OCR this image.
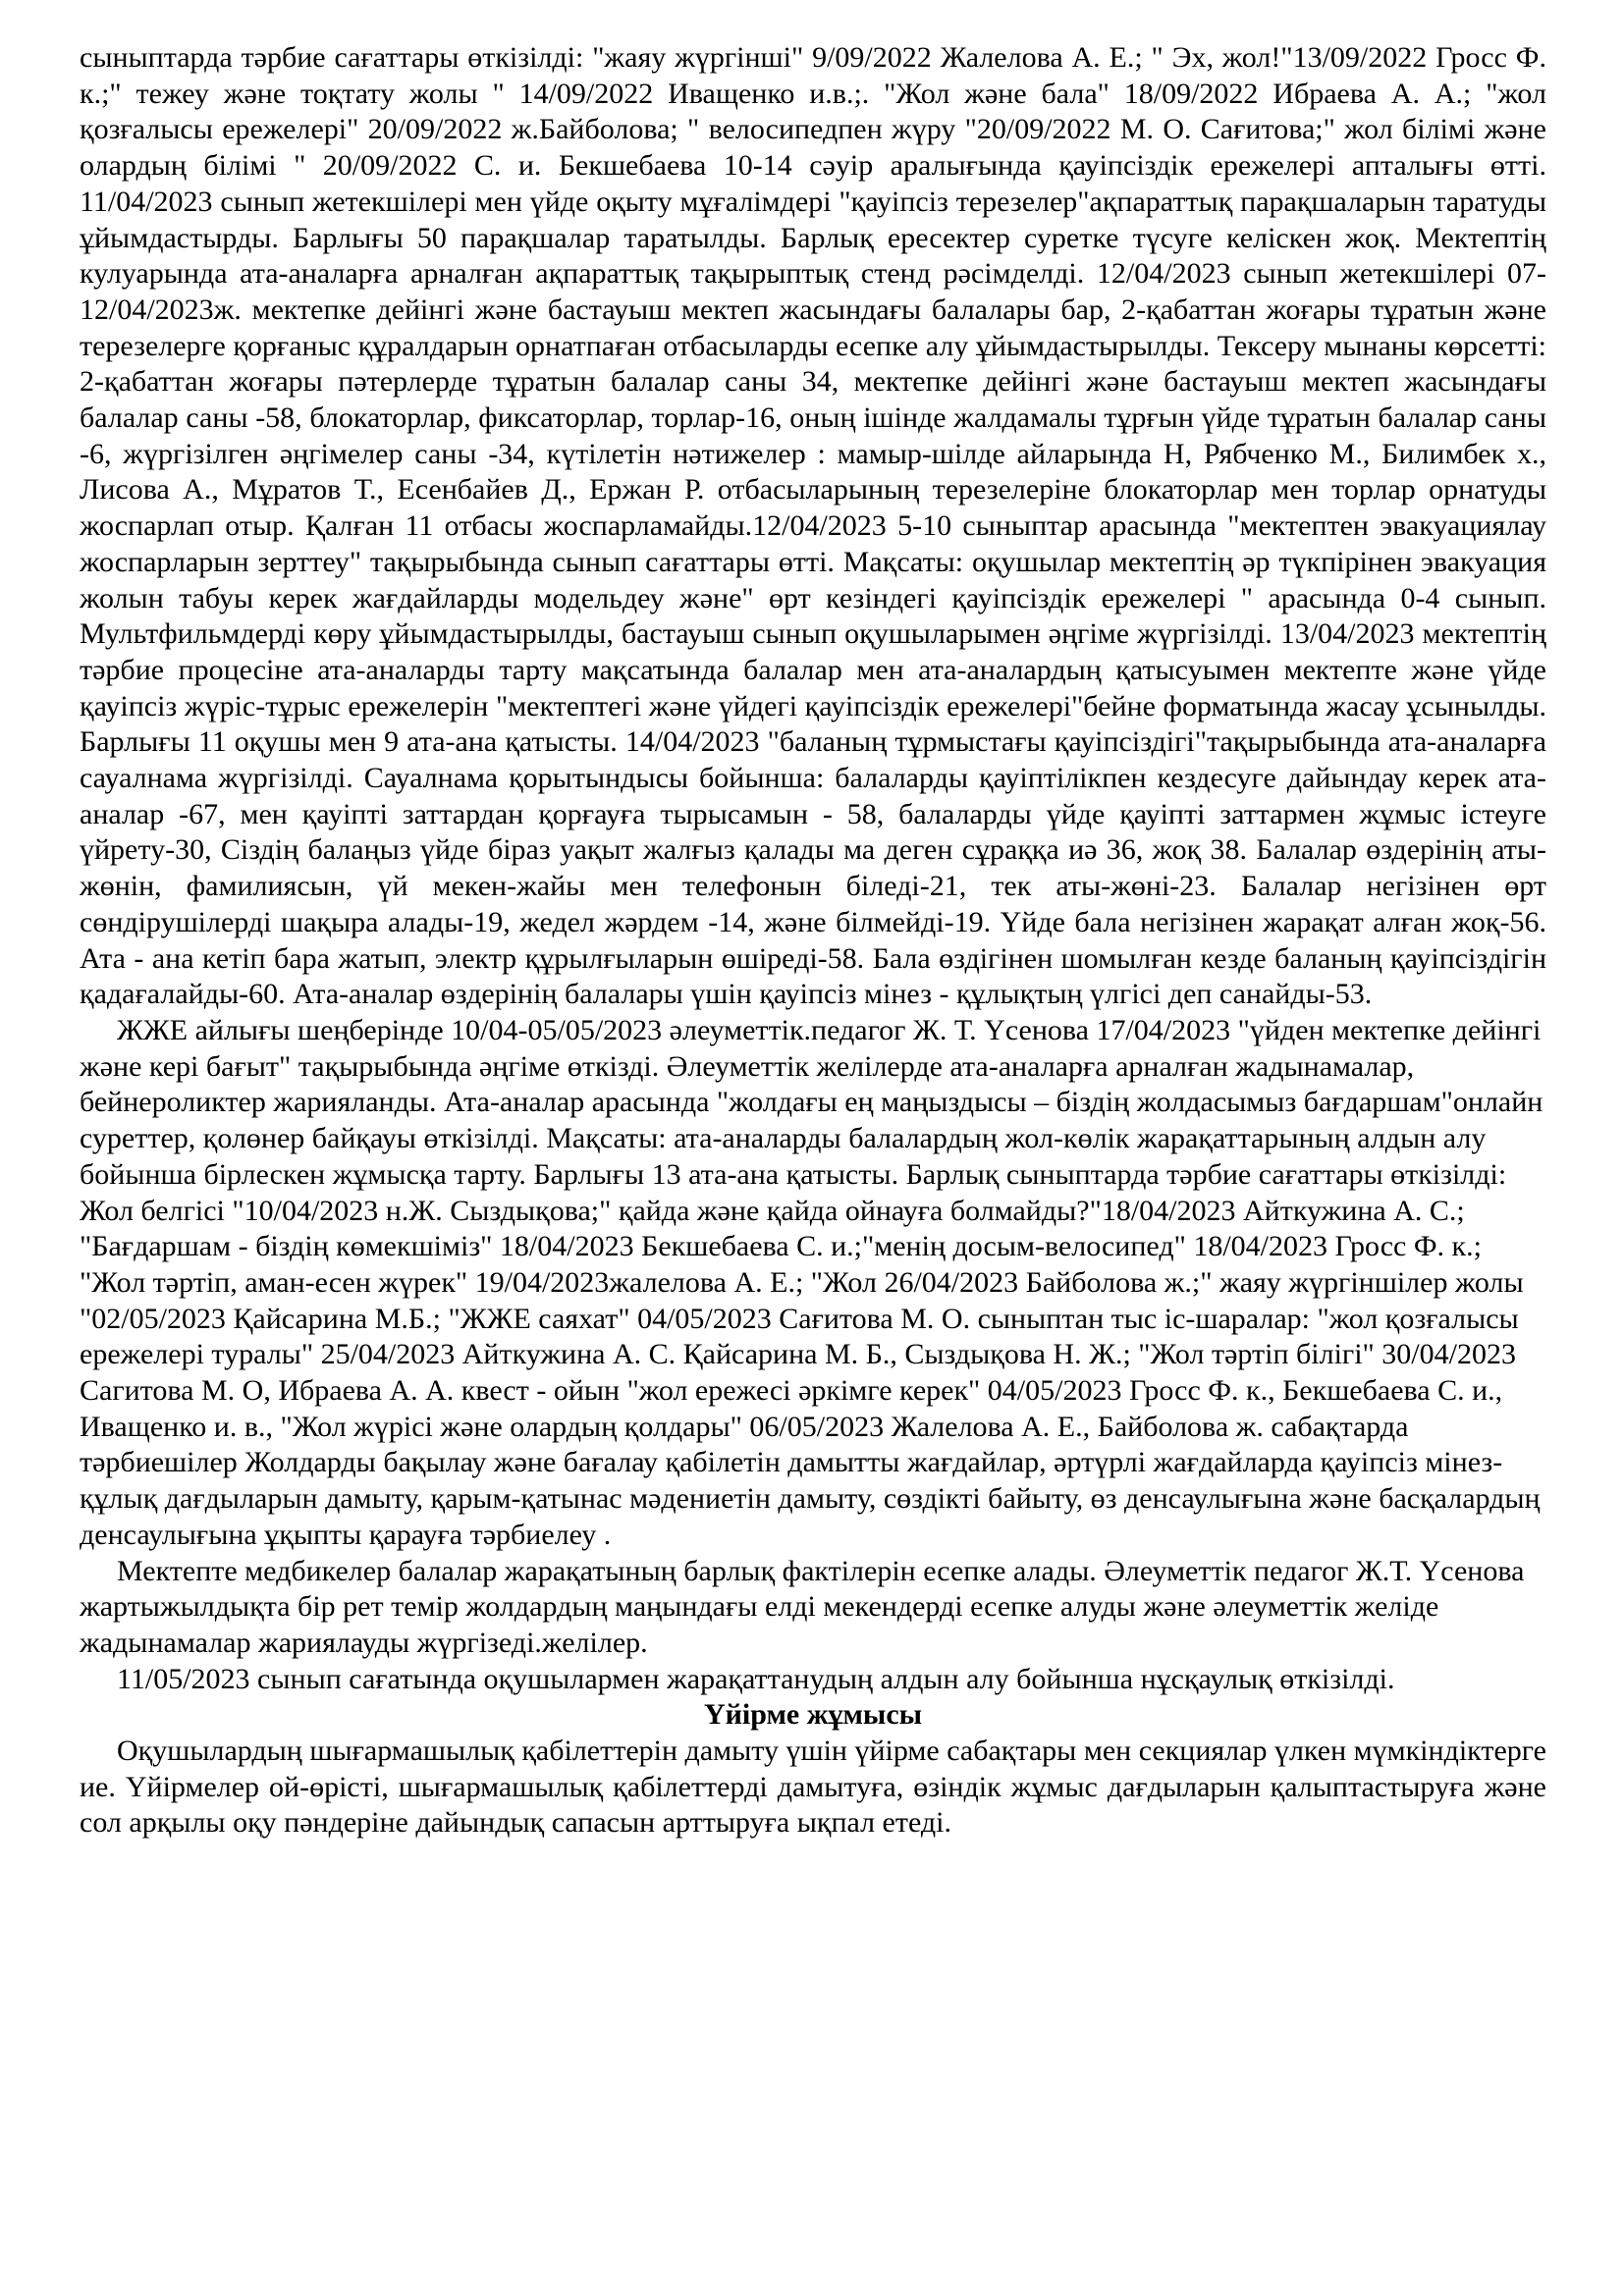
сыныптарда тәрбие сағаттары өткізілді: "жаяу жүргінші" 9/09/2022 Жалелова А. Е.; " Эх, жол!"13/09/2022 Гросс Ф. к.;" тежеу және тоқтату жолы " 14/09/2022 Иващенко и.в.;. "Жол және бала" 18/09/2022 Ибраева А. А.; "жол қозғалысы ережелері" 20/09/2022 ж.Байболова; " велосипедпен жүру "20/09/2022 М. О. Сағитова;" жол білімі және олардың білімі " 20/09/2022 С. и. Бекшебаева 10-14 сәуір аралығында қауіпсіздік ережелері апталығы өтті. 11/04/2023 сынып жетекшілері мен үйде оқыту мұғалімдері "қауіпсіз терезелер"ақпараттық парақшаларын таратуды ұйымдастырды. Барлығы 50 парақшалар таратылды. Барлық ересектер суретке түсуге келіскен жоқ. Мектептің кулуарында ата-аналарға арналған ақпараттық тақырыптық стенд рәсімделді. 12/04/2023 сынып жетекшілері 07-12/04/2023ж. мектепке дейінгі және бастауыш мектеп жасындағы балалары бар, 2-қабаттан жоғары тұратын және терезелерге қорғаныс құралдарын орнатпаған отбасыларды есепке алу ұйымдастырылды. Тексеру мынаны көрсетті: 2-қабаттан жоғары пәтерлерде тұратын балалар саны 34, мектепке дейінгі және бастауыш мектеп жасындағы балалар саны -58, блокаторлар, фиксаторлар, торлар-16, оның ішінде жалдамалы тұрғын үйде тұратын балалар саны -6, жүргізілген әңгімелер саны -34, күтілетін нәтижелер : мамыр-шілде айларында Н, Рябченко М., Билимбек х., Лисова А., Мұратов Т., Есенбайев Д., Ержан Р. отбасыларының терезелеріне блокаторлар мен торлар орнатуды жоспарлап отыр. Қалған 11 отбасы жоспарламайды.12/04/2023 5-10 сыныптар арасында "мектептен эвакуациялау жоспарларын зерттеу" тақырыбында сынып сағаттары өтті. Мақсаты: оқушылар мектептің әр түкпірінен эвакуация жолын табуы керек жағдайларды модельдеу және" өрт кезіндегі қауіпсіздік ережелері " арасында 0-4 сынып. Мультфильмдерді көру ұйымдастырылды, бастауыш сынып оқушыларымен әңгіме жүргізілді. 13/04/2023 мектептің тәрбие процесіне ата-аналарды тарту мақсатында балалар мен ата-аналардың қатысуымен мектепте және үйде қауіпсіз жүріс-тұрыс ережелерін "мектептегі және үйдегі қауіпсіздік ережелері"бейне форматында жасау ұсынылды. Барлығы 11 оқушы мен 9 ата-ана қатысты. 14/04/2023 "баланың тұрмыстағы қауіпсіздігі"тақырыбында ата-аналарға сауалнама жүргізілді. Сауалнама қорытындысы бойынша: балаларды қауіптілікпен кездесуге дайындау керек ата-аналар -67, мен қауіпті заттардан қорғауға тырысамын - 58, балаларды үйде қауіпті заттармен жұмыс істеуге үйрету-30, Сіздің балаңыз үйде біраз уақыт жалғыз қалады ма деген сұраққа иә 36, жоқ 38. Балалар өздерінің аты-жөнін, фамилиясын, үй мекен-жайы мен телефонын біледі-21, тек аты-жөні-23. Балалар негізінен өрт сөндірушілерді шақыра алады-19, жедел жәрдем -14, және білмейді-19. Үйде бала негізінен жарақат алған жоқ-56. Ата - ана кетіп бара жатып, электр құрылғыларын өшіреді-58. Бала өздігінен шомылған кезде баланың қауіпсіздігін қадағалайды-60. Ата-аналар өздерінің балалары үшін қауіпсіз мінез - құлықтың үлгісі деп санайды-53.

ЖЖЕ айлығы шеңберінде 10/04-05/05/2023 әлеуметтік.педагог Ж. Т. Үсенова 17/04/2023 "үйден мектепке дейінгі және кері бағыт" тақырыбында әңгіме өткізді. Әлеуметтік желілерде ата-аналарға арналған жадынамалар, бейнероликтер жарияланды. Ата-аналар арасында "жолдағы ең маңыздысы – біздің жолдасымыз бағдаршам"онлайн суреттер, қолөнер байқауы өткізілді. Мақсаты: ата-аналарды балалардың жол-көлік жарақаттарының алдын алу бойынша бірлескен жұмысқа тарту. Барлығы 13 ата-ана қатысты. Барлық сыныптарда тәрбие сағаттары өткізілді: Жол белгісі "10/04/2023 н.Ж. Сыздықова;" қайда және қайда ойнауға болмайды?"18/04/2023 Айткужина А. С.; "Бағдаршам - біздің көмекшіміз" 18/04/2023 Бекшебаева С. и.;"менің досым-велосипед" 18/04/2023 Гросс Ф. к.; "Жол тәртіп, аман-есен жүрек" 19/04/2023жалелова А. Е.; "Жол 26/04/2023 Байболова ж.;" жаяу жүргіншілер жолы "02/05/2023 Қайсарина М.Б.; "ЖЖЕ саяхат" 04/05/2023 Сағитова М. О. сыныптан тыс іс-шаралар: "жол қозғалысы ережелері туралы" 25/04/2023 Айткужина А. С. Қайсарина М. Б., Сыздықова Н. Ж.; "Жол тәртіп білігі" 30/04/2023 Сагитова М. О, Ибраева А. А. квест - ойын "жол ережесі әркімге керек" 04/05/2023 Гросс Ф. к., Бекшебаева С. и., Иващенко и. в., "Жол жүрісі және олардың қолдары" 06/05/2023 Жалелова А. Е., Байболова ж. сабақтарда тәрбиешілер Жолдарды бақылау және бағалау қабілетін дамытты жағдайлар, әртүрлі жағдайларда қауіпсіз мінез-құлық дағдыларын дамыту, қарым-қатынас мәдениетін дамыту, сөздікті байыту, өз денсаулығына және басқалардың денсаулығына ұқыпты қарауға тәрбиелеу .

Мектепте медбикелер балалар жарақатының барлық фактілерін есепке алады. Әлеуметтік педагог Ж.Т. Үсенова жартыжылдықта бір рет темір жолдардың маңындағы елді мекендерді есепке алуды және әлеуметтік желіде жадынамалар жариялауды жүргізеді.желілер.

11/05/2023 сынып сағатында оқушылармен жарақаттанудың алдын алу бойынша нұсқаулық өткізілді.

Үйірме жұмысы

Оқушылардың шығармашылық қабілеттерін дамыту үшін үйірме сабақтары мен секциялар үлкен мүмкіндіктерге ие. Үйірмелер ой-өрісті, шығармашылық қабілеттерді дамытуға, өзіндік жұмыс дағдыларын қалыптастыруға және сол арқылы оқу пәндеріне дайындық сапасын арттыруға ықпал етеді.
